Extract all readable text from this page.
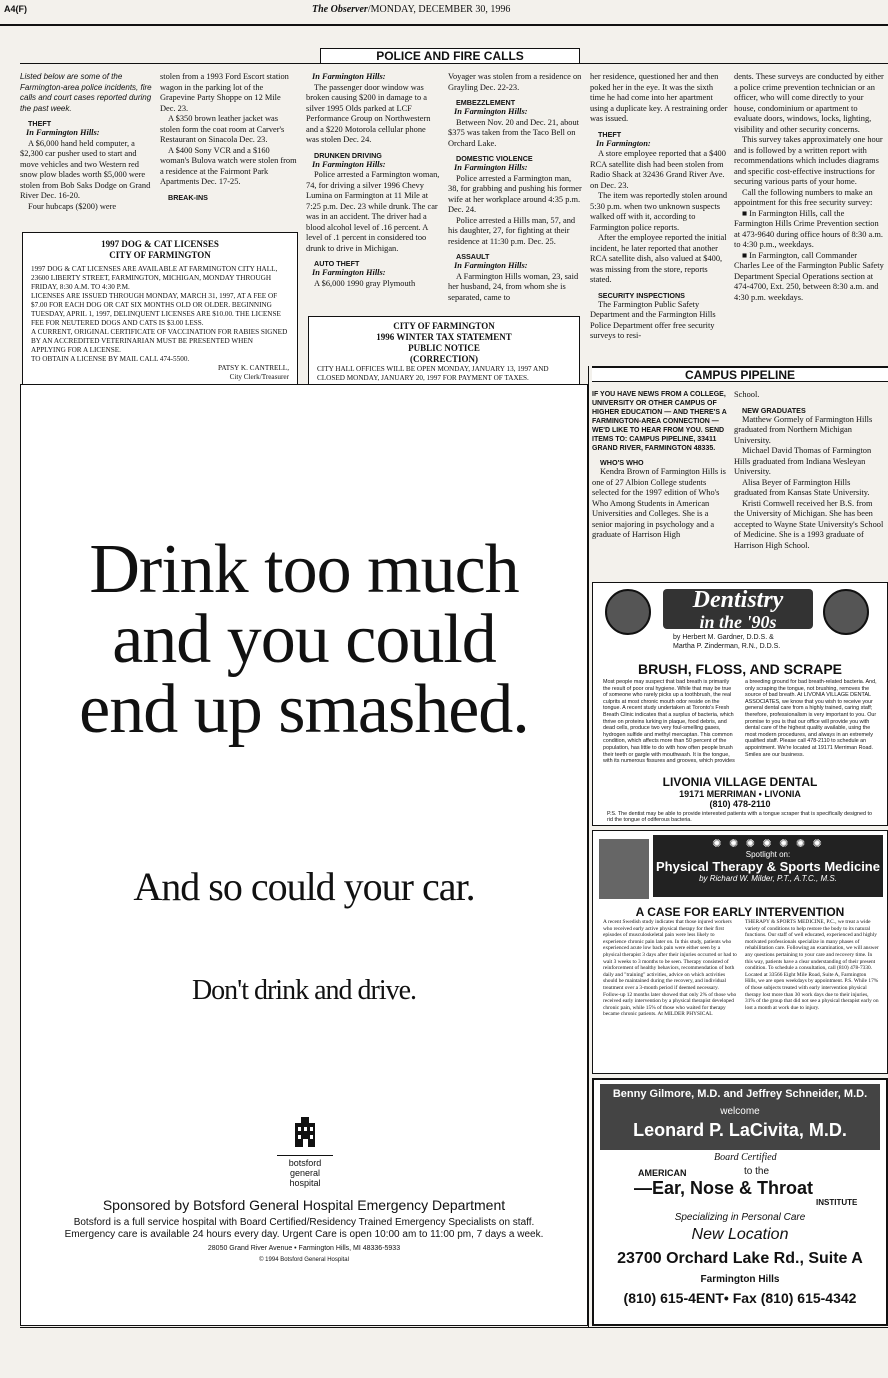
A4(F)	The Observer/MONDAY, DECEMBER 30, 1996
POLICE AND FIRE CALLS

Listed below are some of the Farmington-area police incidents, fire calls and court cases reported during the past week.

THEFT

In Farmington Hills:

A $6,000 hand held computer, a $2,300 car pusher used to start and move vehicles and two Western red snow plow blades worth $5,000 were stolen from Bob Saks Dodge on Grand River Dec. 16-20.

Four hubcaps ($200) were

stolen from a 1993 Ford Escort station wagon in the parking lot of the Grapevine Party Shoppe on 12 Mile Dec. 23.

A $350 brown leather jacket was stolen form the coat room at Carver's Restaurant on Sinacola Dec. 23.

A $400 Sony VCR and a $160 woman's Bulova watch were stolen from a residence at the Fairmont Park Apartments Dec. 17-25.

BREAK-INS

1997 DOG & CAT LICENSES

CITY OF FARMINGTON

1997 DOG & CAT LICENSES ARE AVAILABLE AT FARMINGTON CITY HALL, 23600 LIBERTY STREET, FARMINGTON, MICHIGAN, MONDAY THROUGH FRIDAY, 8:30 A.M. TO 4:30 P.M.

LICENSES ARE ISSUED THROUGH MONDAY, MARCH 31, 1997, AT A FEE OF $7.00 FOR EACH DOG OR CAT SIX MONTHS OLD OR OLDER. BEGINNING TUESDAY, APRIL 1, 1997, DELINQUENT LICENSES ARE $10.00. THE LICENSE FEE FOR NEUTERED DOGS AND CATS IS $3.00 LESS.

A CURRENT, ORIGINAL CERTIFICATE OF VACCINATION FOR RABIES SIGNED BY AN ACCREDITED VETERINARIAN MUST BE PRESENTED WHEN APPLYING FOR A LICENSE.

TO OBTAIN A LICENSE BY MAIL CALL 474-5500.

PATSY K. CANTRELL,

City Clerk/Treasurer

In Farmington Hills:

The passenger door window was broken causing $200 in damage to a silver 1995 Olds parked at LCF Performance Group on Northwestern and a $220 Motorola cellular phone was stolen Dec. 24.

DRUNKEN DRIVING

In Farmington Hills:

Police arrested a Farmington woman, 74, for driving a silver 1996 Chevy Lumina on Farmington at 11 Mile at 7:25 p.m. Dec. 23 while drunk. The car was in an accident. The driver had a blood alcohol level of .16 percent. A level of .1 percent in considered too drunk to drive in Michigan.

AUTO THEFT

In Farmington Hills:

A $6,000 1990 gray Plymouth

Voyager was stolen from a residence on Grayling Dec. 22-23.

EMBEZZLEMENT

In Farmington Hills:

Between Nov. 20 and Dec. 21, about $375 was taken from the Taco Bell on Orchard Lake.

DOMESTIC VIOLENCE

In Farmington Hills:

Police arrested a Farmington man, 38, for grabbing and pushing his former wife at her workplace around 4:35 p.m. Dec. 24.

Police arrested a Hills man, 57, and his daughter, 27, for fighting at their residence at 11:30 p.m. Dec. 25.

ASSAULT

In Farmington Hills:

A Farmington Hills woman, 23, said her husband, 24, from whom she is separated, came to

CITY OF FARMINGTON

1996 WINTER TAX STATEMENT

PUBLIC NOTICE

(CORRECTION)

CITY HALL OFFICES WILL BE OPEN MONDAY, JANUARY 13, 1997 AND CLOSED MONDAY, JANUARY 20, 1997 FOR PAYMENT OF TAXES.

her residence, questioned her and then poked her in the eye. It was the sixth time he had come into her apartment using a duplicate key. A restraining order was issued.

THEFT

In Farmington:

A store employee reported that a $400 RCA satellite dish had been stolen from Radio Shack at 32436 Grand River Ave. on Dec. 23.

The item was reportedly stolen around 5:30 p.m. when two unknown suspects walked off with it, according to Farmington police reports.

After the employee reported the initial incident, he later reported that another RCA satellite dish, also valued at $400, was missing from the store, reports stated.

SECURITY INSPECTIONS

The Farmington Public Safety Department and the Farmington Hills Police Department offer free security surveys to resi-

dents. These surveys are conducted by either a police crime prevention technician or an officer, who will come directly to your house, condominium or apartment to evaluate doors, windows, locks, lighting, visibility and other security concerns.

This survey takes approximately one hour and is followed by a written report with recommendations which includes diagrams and specific cost-effective instructions for securing various parts of your home.

Call the following numbers to make an appointment for this free security survey:

■ In Farmington Hills, call the Farmington Hills Crime Prevention section at 473-9640 during office hours of 8:30 a.m. to 4:30 p.m., weekdays.

■ In Farmington, call Commander Charles Lee of the Farmington Public Safety Department Special Operations section at 474-4700, Ext. 250, between 8:30 a.m. and 4:30 p.m. weekdays.

CAMPUS PIPELINE

IF YOU HAVE NEWS FROM A COLLEGE, UNIVERSITY OR OTHER CAMPUS OF HIGHER EDUCATION — AND THERE'S A FARMINGTON-AREA CONNECTION — WE'D LIKE TO HEAR FROM YOU. SEND ITEMS TO: CAMPUS PIPELINE, 33411 GRAND RIVER, FARMINGTON 48335.

WHO'S WHO

Kendra Brown of Farmington Hills is one of 27 Albion College students selected for the 1997 edition of Who's Who Among Students in American Universities and Colleges. She is a senior majoring in psychology and a graduate of Harrison High

School.

NEW GRADUATES

Matthew Gormely of Farmington Hills graduated from Northern Michigan University.

Michael David Thomas of Farmington Hills graduated from Indiana Wesleyan University.

Alisa Beyer of Farmington Hills graduated from Kansas State University.

Kristi Cornwell received her B.S. from the University of Michigan. She has been accepted to Wayne State University's School of Medicine. She is a 1993 graduate of Harrison High School.

Drink too much
and you could
end up smashed.
And so could your car.
Don't drink and drive.
botsford
general
hospital
Sponsored by Botsford General Hospital Emergency Department
Botsford is a full service hospital with Board Certified/Residency Trained Emergency Specialists on staff.
Emergency care is available 24 hours every day. Urgent Care is open 10:00 am to 11:00 pm, 7 days a week.
28050 Grand River Avenue • Farmington Hills, MI 48336-5933
© 1994 Botsford General Hospital
Dentistry
in the '90s
by Herbert M. Gardner, D.D.S. &
Martha P. Zinderman, R.N., D.D.S.
BRUSH, FLOSS, AND SCRAPE
Most people may suspect that bad breath is primarily the result of poor oral hygiene. While that may be true of someone who rarely picks up a toothbrush, the real culprits at most chronic mouth odor reside on the tongue. A recent study undertaken at Toronto's Fresh Breath Clinic indicates that a surplus of bacteria, which thrive on proteins lurking in plaque, food debris, and dead cells, produce two very foul-smelling gases, hydrogen sulfide and methyl mercaptan. This common condition, which affects more than 50 percent of the population, has little to do with how often people brush their teeth or gargle with mouthwash. It is the tongue, with its numerous fissures and grooves, which provides a breeding ground for bad breath-related bacteria. And, only scraping the tongue, not brushing, removes the source of bad breath. At LIVONIA VILLAGE DENTAL ASSOCIATES, we know that you wish to receive your general dental care from a highly trained, caring staff; therefore, professionalism is very important to you. Our promise to you is that our office will provide you with dental care of the highest quality available, using the most modern procedures, and always in an extremely qualified staff. Please call 478-2110 to schedule an appointment. We're located at 19171 Merriman Road. Smiles are our business.
LIVONIA VILLAGE DENTAL
19171 MERRIMAN • LIVONIA
(810) 478-2110
P.S. The dentist may be able to provide interested patients with a tongue scraper that is specifically designed to rid the tongue of odiferous bacteria.
✺ ✺ ✺ ✺ ✺ ✺ ✺
Spotlight on:
Physical Therapy & Sports Medicine
by Richard W. Milder, P.T., A.T.C., M.S.
A CASE FOR EARLY INTERVENTION
A recent Swedish study indicates that those injured workers who received early active physical therapy for their first episodes of musculoskeletal pain were less likely to experience chronic pain later on. In this study, patients who experienced acute low back pain were either seen by a physical therapist 3 days after their injuries occurred or had to wait 3 weeks to 3 months to be seen. Therapy consisted of reinforcement of healthy behaviors, recommendation of both daily and "training" activities, advice on which activities should be maintained during the recovery, and individual treatment over a 3-month period if deemed necessary. Follow-up 12 months later showed that only 2% of those who received early intervention by a physical therapist developed chronic pain, while 15% of those who waited for therapy became chronic patients. At MILDER PHYSICAL THERAPY & SPORTS MEDICINE, P.C., we treat a wide variety of conditions to help restore the body to its natural functions. Our staff of well educated, experienced and highly motivated professionals specialize in many phases of rehabilitation care. Following an examination, we will answer any questions pertaining to your care and recovery time. In this way, patients have a clear understanding of their present condition. To schedule a consultation, call (810) 478-7330. Located at 33566 Eight Mile Road, Suite A, Farmington Hills, we are open weekdays by appointment. P.S. While 17% of those subjects treated with early intervention physical therapy lost more than 30 work days due to their injuries, 31% of the group that did not see a physical therapist early on lost a month at work due to injury.
Benny Gilmore, M.D. and Jeffrey Schneider, M.D.
welcome
Leonard P. LaCivita, M.D.
Board Certified
to the
AMERICAN
—Ear, Nose & Throat
INSTITUTE
Specializing in Personal Care
New Location
23700 Orchard Lake Rd., Suite A
Farmington Hills
(810) 615-4ENT• Fax (810) 615-4342
